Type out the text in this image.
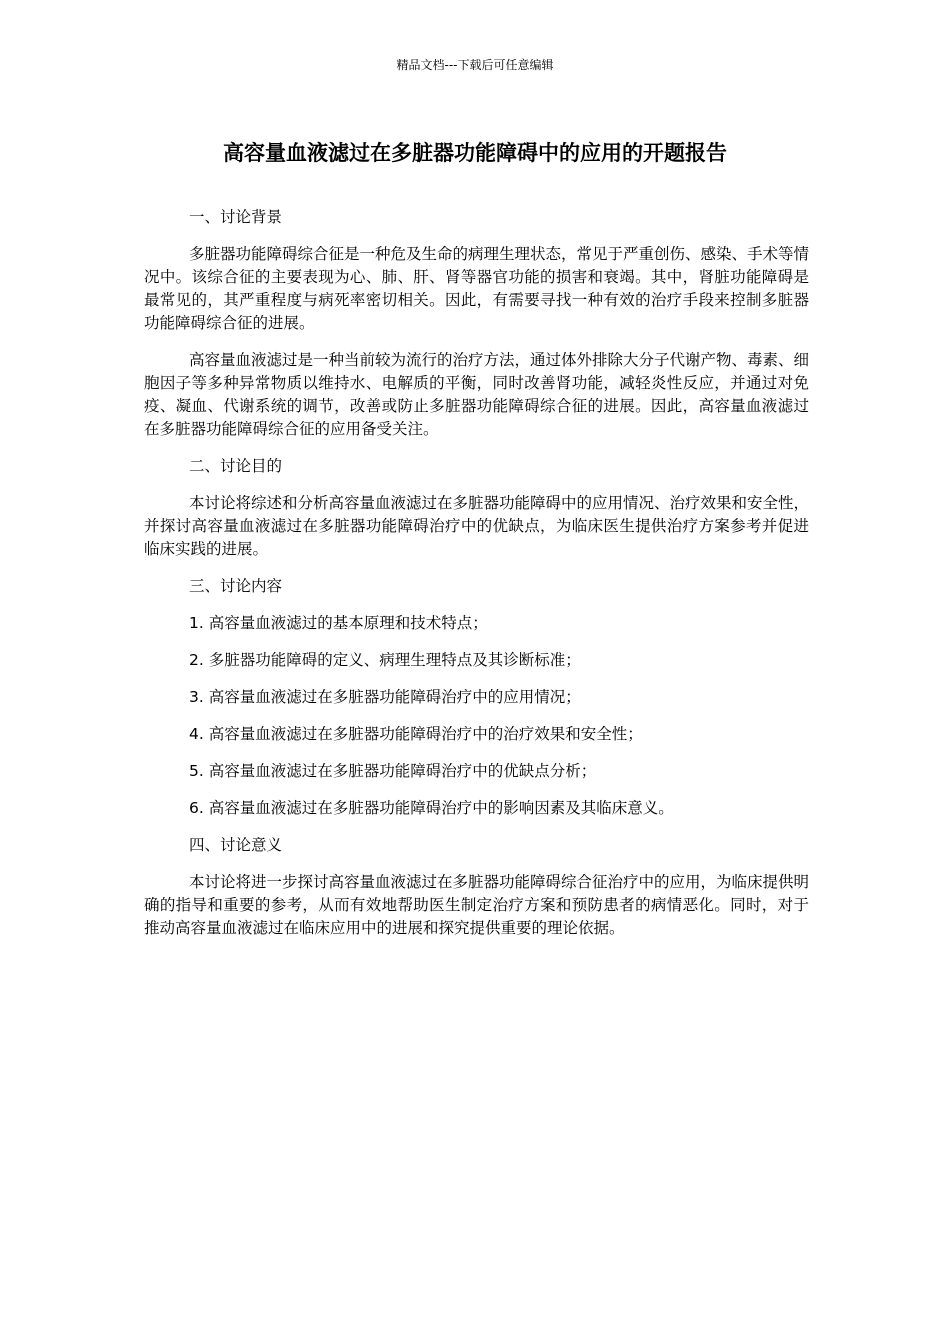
精品文档---下载后可任意编辑
高容量血液滤过在多脏器功能障碍中的应用的开题报告

一、讨论背景

多脏器功能障碍综合征是一种危及生命的病理生理状态，常见于严重创伤、感染、手术等情况中。该综合征的主要表现为心、肺、肝、肾等器官功能的损害和衰竭。其中，肾脏功能障碍是最常见的，其严重程度与病死率密切相关。因此，有需要寻找一种有效的治疗手段来控制多脏器功能障碍综合征的进展。

高容量血液滤过是一种当前较为流行的治疗方法，通过体外排除大分子代谢产物、毒素、细胞因子等多种异常物质以维持水、电解质的平衡，同时改善肾功能，减轻炎性反应，并通过对免疫、凝血、代谢系统的调节，改善或防止多脏器功能障碍综合征的进展。因此，高容量血液滤过在多脏器功能障碍综合征的应用备受关注。

二、讨论目的

本讨论将综述和分析高容量血液滤过在多脏器功能障碍中的应用情况、治疗效果和安全性，并探讨高容量血液滤过在多脏器功能障碍治疗中的优缺点，为临床医生提供治疗方案参考并促进临床实践的进展。

三、讨论内容

1. 高容量血液滤过的基本原理和技术特点；
2. 多脏器功能障碍的定义、病理生理特点及其诊断标准；
3. 高容量血液滤过在多脏器功能障碍治疗中的应用情况；
4. 高容量血液滤过在多脏器功能障碍治疗中的治疗效果和安全性；
5. 高容量血液滤过在多脏器功能障碍治疗中的优缺点分析；
6. 高容量血液滤过在多脏器功能障碍治疗中的影响因素及其临床意义。

四、讨论意义

本讨论将进一步探讨高容量血液滤过在多脏器功能障碍综合征治疗中的应用，为临床提供明确的指导和重要的参考，从而有效地帮助医生制定治疗方案和预防患者的病情恶化。同时，对于推动高容量血液滤过在临床应用中的进展和探究提供重要的理论依据。
